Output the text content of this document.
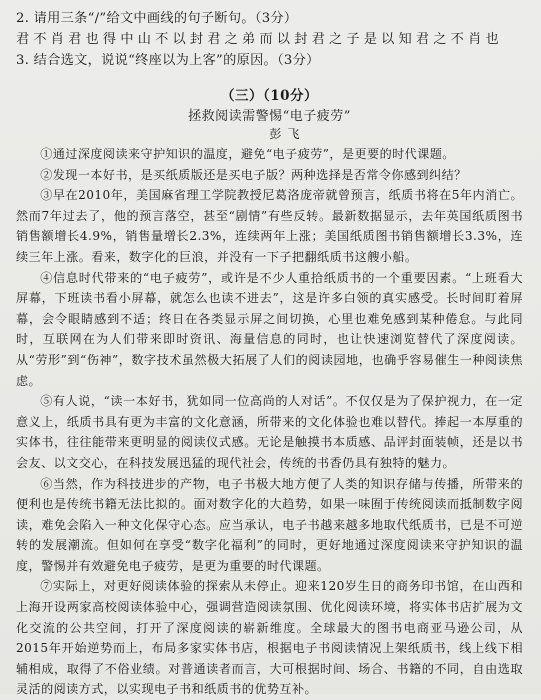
2. 请用三条“/”给文中画线的句子断句。（3分）
君不肖君也得中山不以封君之弟而以封君之子是以知君之不肖也
3. 结合选文，说说“终座以为上客”的原因。（3分）
（三）（10分）
拯救阅读需警惕“电子疲劳”
彭飞

①通过深度阅读来守护知识的温度，避免“电子疲劳”，是更要的时代课题。

②发现一本好书，是买纸质版还是买电子版？两种选择是否常令你感到纠结？

③早在2010年，美国麻省理工学院教授尼葛洛庞帝就曾预言，纸质书将在5年内消亡。然而7年过去了，他的预言落空，甚至“剧情”有些反转。最新数据显示，去年英国纸质图书销售额增长4.9%，销售量增长2.3%，连续两年上涨；美国纸质图书销售额增长3.3%，连续三年上涨。看来，数字化的巨浪，并没有一下子把翻纸质书这艘小船。

④信息时代带来的“电子疲劳”，或许是不少人重拾纸质书的一个重要因素。“上班看大屏幕，下班读书看小屏幕，就怎么也读不进去”，这是许多白领的真实感受。长时间盯着屏幕，会令眼睛感到不适；终日在各类显示屏之间切换，心里也难免感到某种倦怠。与此同时，互联网在为人们带来即时资讯、海量信息的同时，也让快速浏览替代了深度阅读。从“劳形”到“伤神”，数字技术虽然极大拓展了人们的阅读园地，也确乎容易催生一种阅读焦虑。

⑤有人说，“读一本好书，犹如同一位高尚的人对话”。不仅仅是为了保护视力，在一定意义上，纸质书具有更为丰富的文化意涵，所带来的文化体验也难以替代。捧起一本厚重的实体书，往往能带来更明显的阅读仪式感。无论是触摸书本质感、品评封面装帧，还是以书会友、以文交心，在科技发展迅猛的现代社会，传统的书香仍具有独特的魅力。

⑥当然，作为科技进步的产物，电子书极大地方便了人类的知识存储与传播，所带来的便利也是传统书籍无法比拟的。面对数字化的大趋势，如果一味囿于传统阅读而抵制数字阅读，难免会陷入一种文化保守心态。应当承认，电子书越来越多地取代纸质书，已是不可逆转的发展潮流。但如何在享受“数字化福利”的同时，更好地通过深度阅读来守护知识的温度，警惕并有效避免电子疲劳，是更为重要的时代课题。

⑦实际上，对更好阅读体验的探索从未停止。迎来120岁生日的商务印书馆，在山西和上海开设两家高校阅读体验中心，强调营造阅读氛围、优化阅读环境，将实体书店扩展为文化交流的公共空间，打开了深度阅读的崭新维度。全球最大的图书电商亚马逊公司，从2015年开始逆势而上，布局多家实体书店，根据电子书阅读情况上架纸质书，线上线下相辅相成，取得了不俗业绩。对普通读者而言，大可根据时间、场合、书籍的不同，自由选取灵活的阅读方式，以实现电子书和纸质书的优势互补。
